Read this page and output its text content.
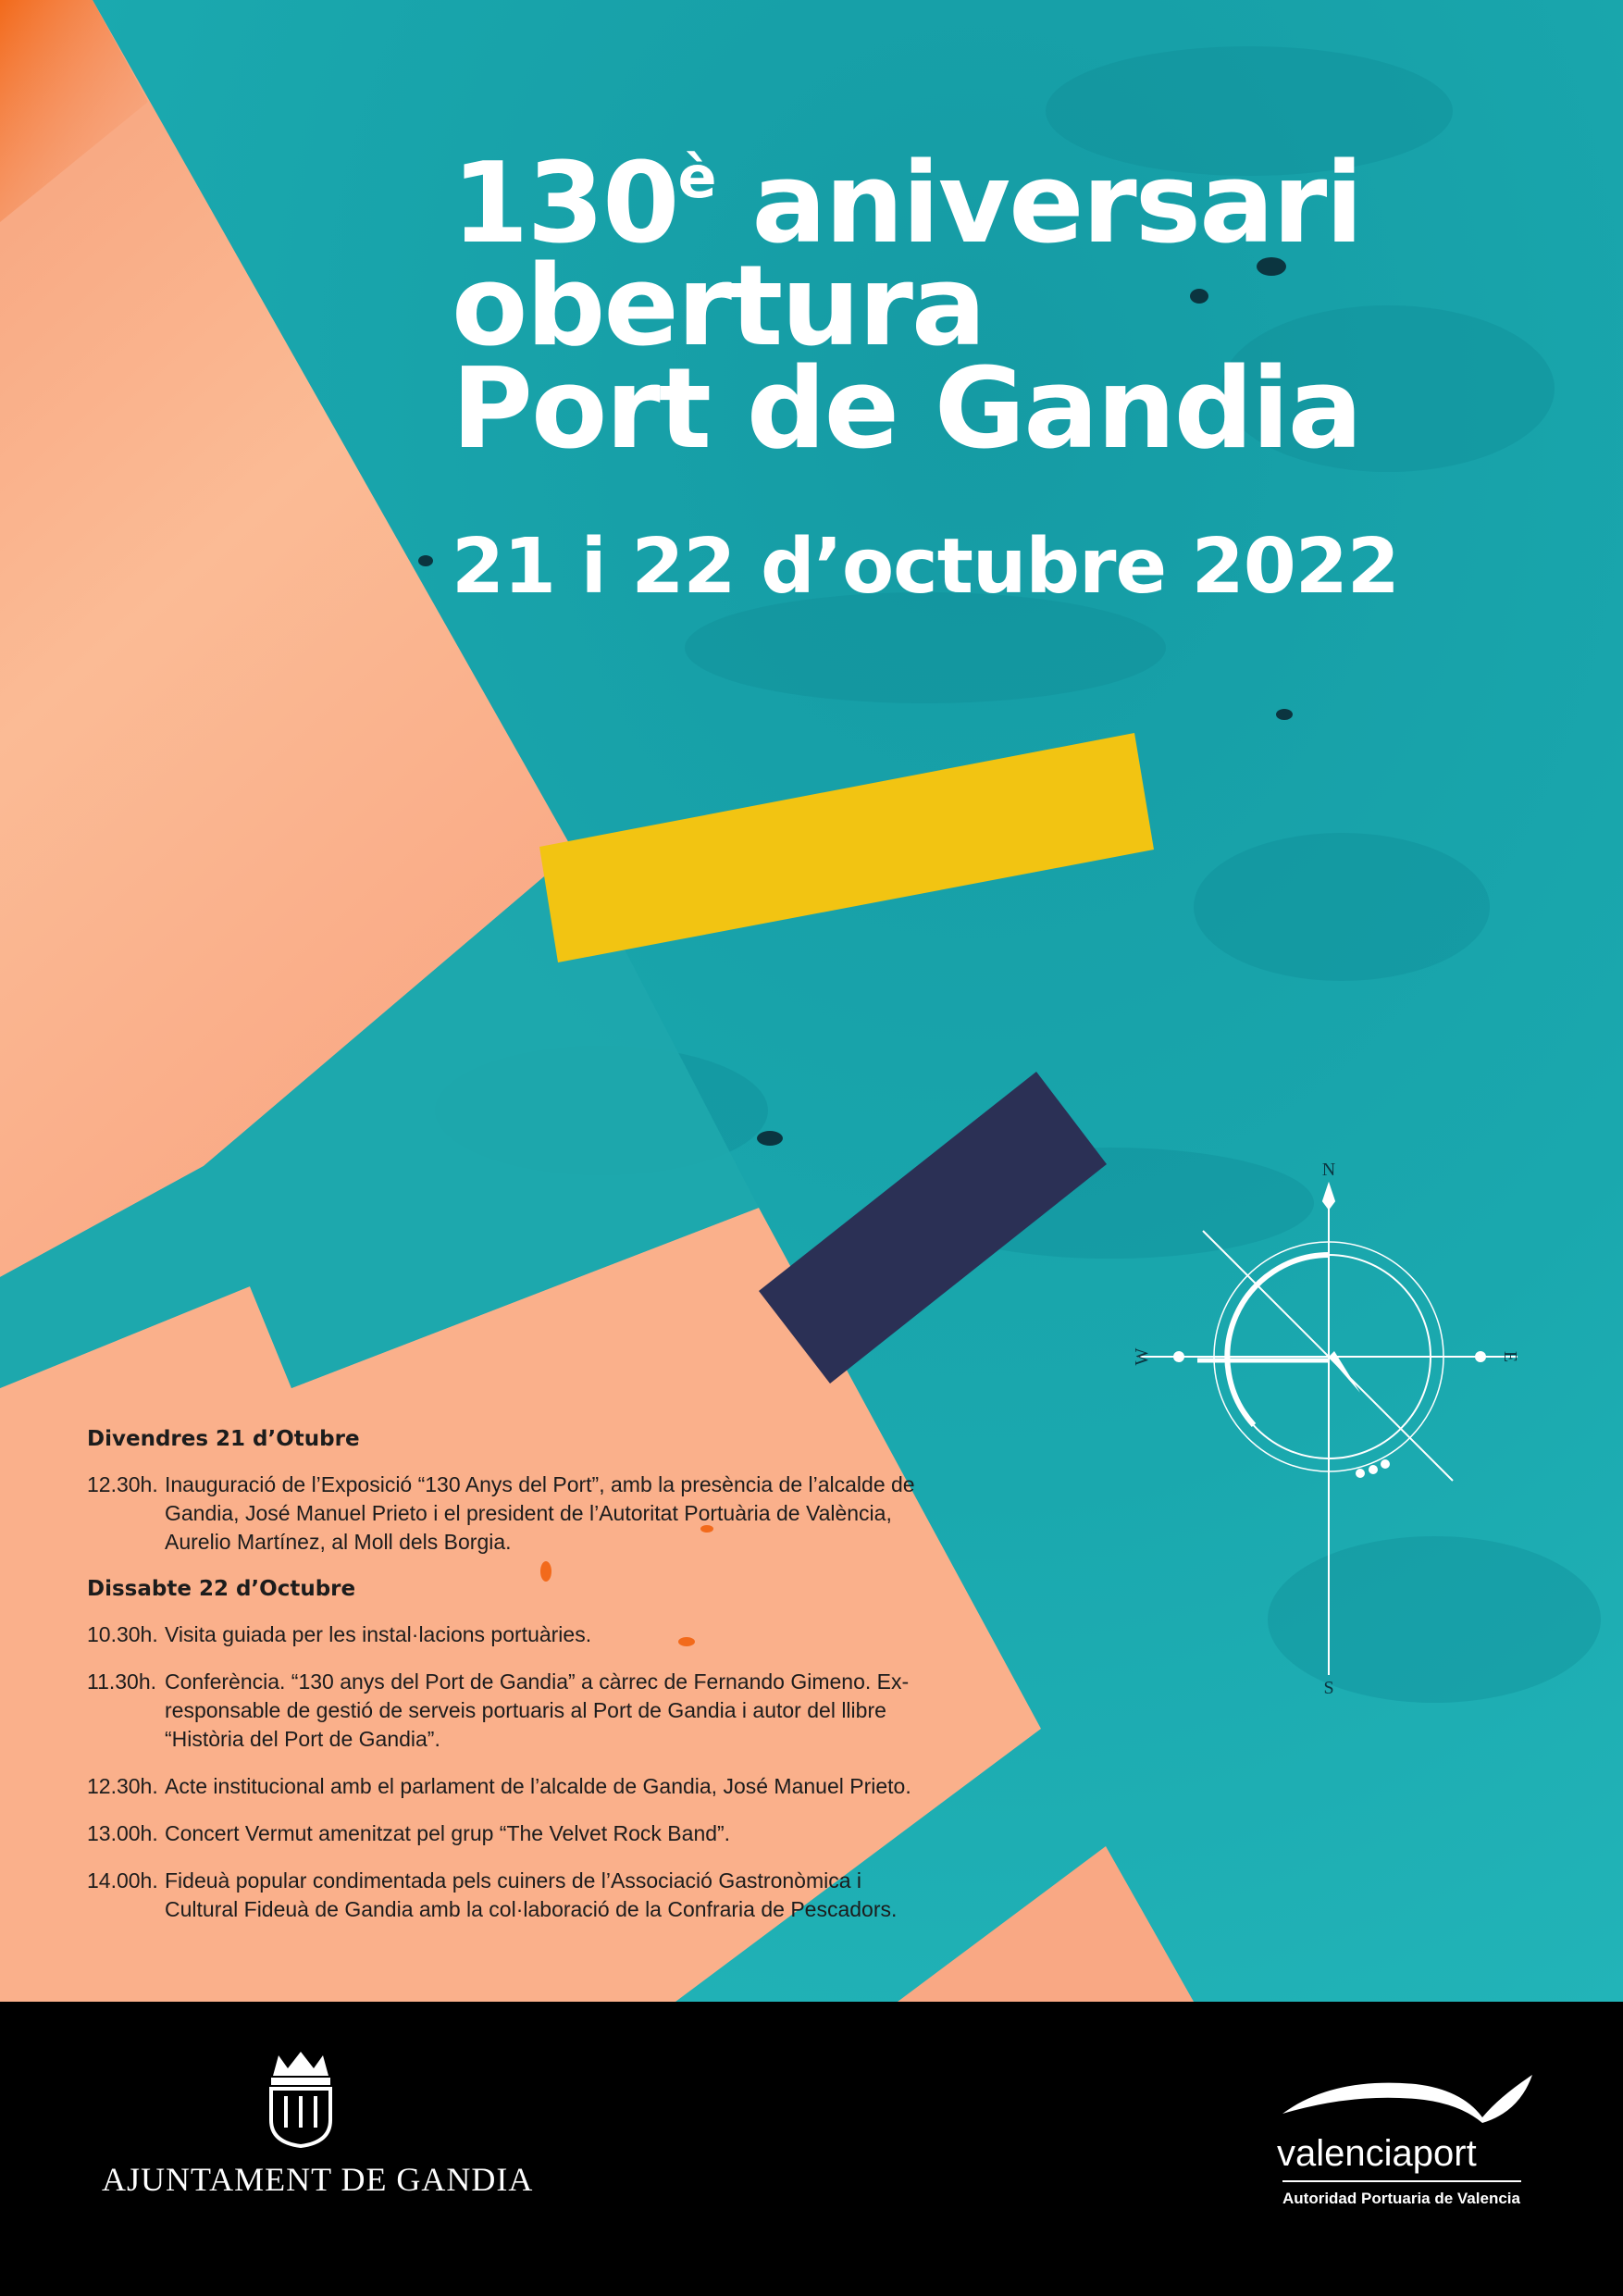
N
S
E
W
$130^è$ aniversari
obertura
Port de Gandia
21 i 22 d’octubre 2022
Divendres 21 d’Otubre
12.30h. Inauguració de l’Exposició “130 Anys del Port”, amb la presència de l’alcalde de Gandia, José Manuel Prieto i el president de l’Autoritat Portuària de València, Aurelio Martínez, al Moll dels Borgia.
Dissabte 22 d’Octubre
10.30h. Visita guiada per les instal·lacions portuàries.
11.30h. Conferència. “130 anys del Port de Gandia” a càrrec de Fernando Gimeno. Ex-responsable de gestió de serveis portuaris al Port de Gandia i autor del llibre “Història del Port de Gandia”.
12.30h. Acte institucional amb el parlament de l’alcalde de Gandia, José Manuel Prieto.
13.00h. Concert Vermut amenitzat pel grup “The Velvet Rock Band”.
14.00h. Fideuà popular condimentada pels cuiners de l’Associació Gastronòmica i Cultural Fideuà de Gandia amb la col·laboració de la Confraria de Pescadors.
AJUNTAMENT DE GANDIA
valenciaport
Autoridad Portuaria de Valencia
